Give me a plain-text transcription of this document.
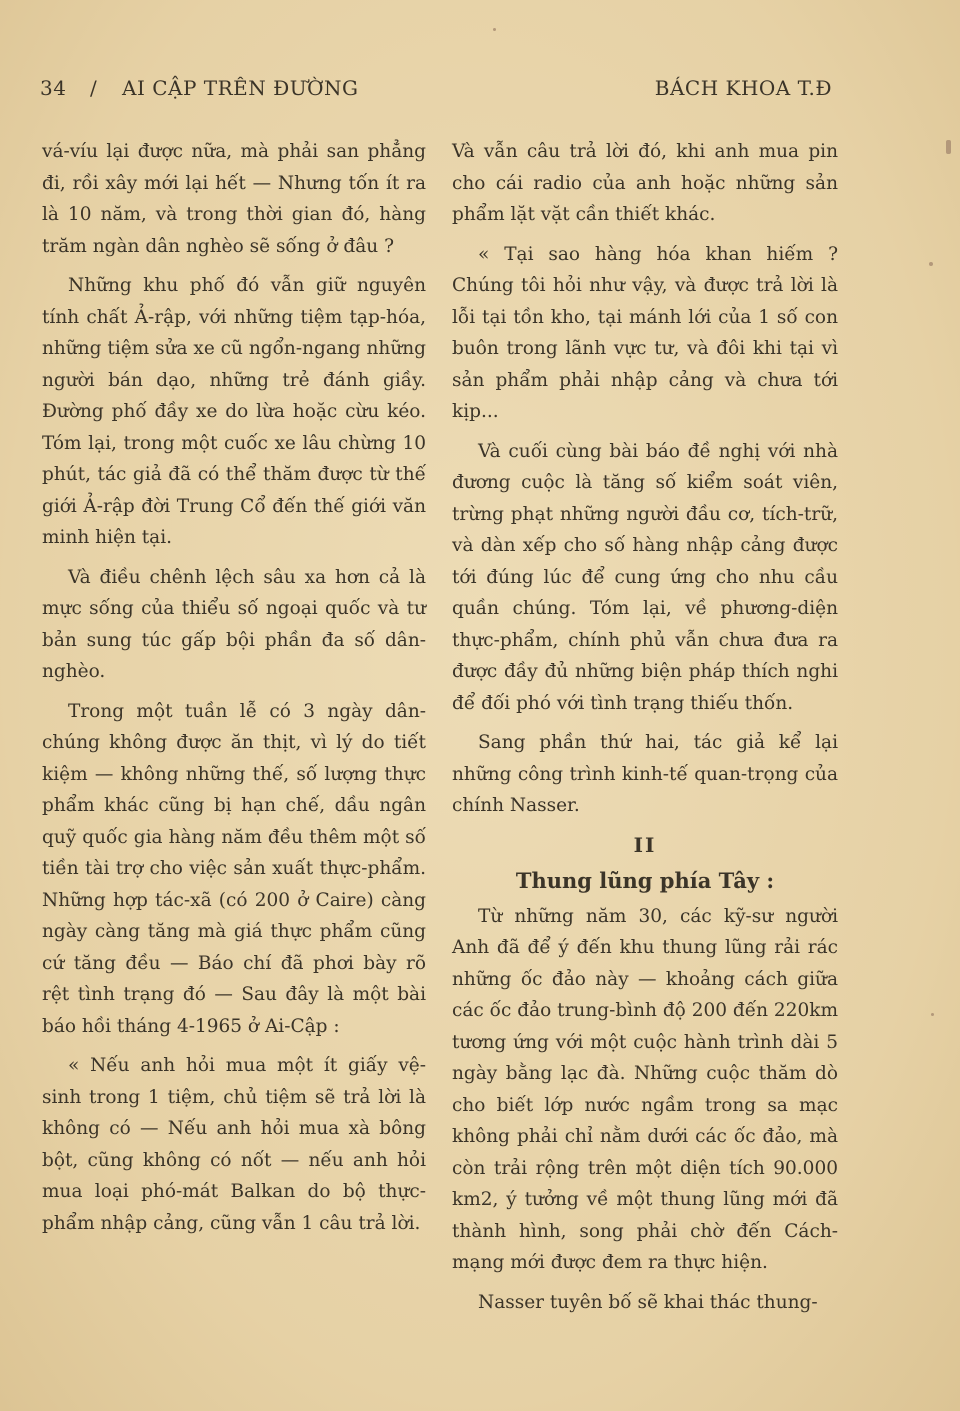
34 / AI CẬP TRÊN ĐƯỜNG	BÁCH KHOA T.Đ

vá-víu lại được nữa, mà phải san phẳng đi, rồi xây mới lại hết — Nhưng tốn ít ra là 10 năm, và trong thời gian đó, hàng trăm ngàn dân nghèo sẽ sống ở đâu ?

Những khu phố đó vẫn giữ nguyên tính chất Ả-rập, với những tiệm tạp-hóa, những tiệm sửa xe cũ ngổn-ngang những người bán dạo, những trẻ đánh giầy. Đường phố đầy xe do lừa hoặc cừu kéo. Tóm lại, trong một cuốc xe lâu chừng 10 phút, tác giả đã có thể thăm được từ thế giới Ả-rập đời Trung Cổ đến thế giới văn minh hiện tại.

Và điều chênh lệch sâu xa hơn cả là mực sống của thiểu số ngoại quốc và tư bản sung túc gấp bội phần đa số dân-nghèo.

Trong một tuần lễ có 3 ngày dân-chúng không được ăn thịt, vì lý do tiết kiệm — không những thế, số lượng thực phẩm khác cũng bị hạn chế, dầu ngân quỹ quốc gia hàng năm đều thêm một số tiền tài trợ cho việc sản xuất thực-phẩm. Những hợp tác-xã (có 200 ở Caire) càng ngày càng tăng mà giá thực phẩm cũng cứ tăng đều — Báo chí đã phơi bày rõ rệt tình trạng đó — Sau đây là một bài báo hồi tháng 4-1965 ở Ai-Cập :

« Nếu anh hỏi mua một ít giấy vệ-sinh trong 1 tiệm, chủ tiệm sẽ trả lời là không có — Nếu anh hỏi mua xà bông bột, cũng không có nốt — nếu anh hỏi mua loại phó-mát Balkan do bộ thực-phẩm nhập cảng, cũng vẫn 1 câu trả lời.

Và vẫn câu trả lời đó, khi anh mua pin cho cái radio của anh hoặc những sản phẩm lặt vặt cần thiết khác.

« Tại sao hàng hóa khan hiếm ? Chúng tôi hỏi như vậy, và được trả lời là lỗi tại tồn kho, tại mánh lới của 1 số con buôn trong lãnh vực tư, và đôi khi tại vì sản phẩm phải nhập cảng và chưa tới kịp...

Và cuối cùng bài báo đề nghị với nhà đương cuộc là tăng số kiểm soát viên, trừng phạt những người đầu cơ, tích-trữ, và dàn xếp cho số hàng nhập cảng được tới đúng lúc để cung ứng cho nhu cầu quần chúng. Tóm lại, về phương-diện thực-phẩm, chính phủ vẫn chưa đưa ra được đầy đủ những biện pháp thích nghi để đối phó với tình trạng thiếu thốn.

Sang phần thứ hai, tác giả kể lại những công trình kinh-tế quan-trọng của chính Nasser.

II
Thung lũng phía Tây :

Từ những năm 30, các kỹ-sư người Anh đã để ý đến khu thung lũng rải rác những ốc đảo này — khoảng cách giữa các ốc đảo trung-bình độ 200 đến 220km tương ứng với một cuộc hành trình dài 5 ngày bằng lạc đà. Những cuộc thăm dò cho biết lớp nước ngầm trong sa mạc không phải chỉ nằm dưới các ốc đảo, mà còn trải rộng trên một diện tích 90.000 km2, ý tưởng về một thung lũng mới đã thành hình, song phải chờ đến Cách-mạng mới được đem ra thực hiện.

Nasser tuyên bố sẽ khai thác thung-
